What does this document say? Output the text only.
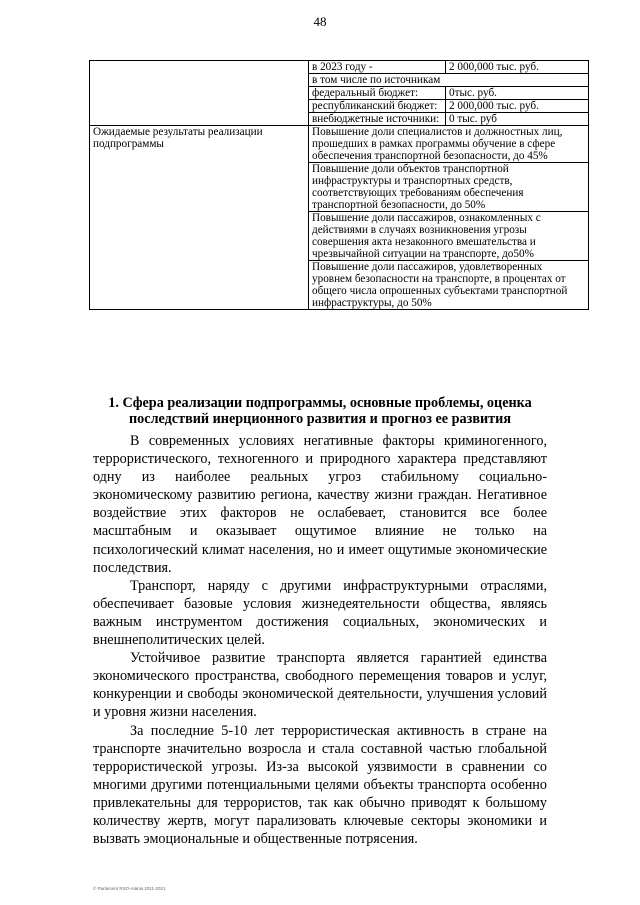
48
	в 2023 году -	2 000,000 тыс. руб.
	в том числе по источникам	
	федеральный бюджет:	0тыс. руб.
	республиканский бюджет:	2 000,000 тыс. руб.
	внебюджетные источники:	0 тыс. руб
Ожидаемые результаты реализации подпрограммы	Повышение доли специалистов и должностных лиц, прошедших в рамках программы обучение в сфере обеспечения транспортной безопасности, до 45%	
	Повышение доли объектов транспортной инфраструктуры и транспортных средств, соответствующих требованиям обеспечения транспортной безопасности, до 50%	
	Повышение доли пассажиров, ознакомленных с действиями в случаях возникновения угрозы совершения акта незаконного вмешательства и чрезвычайной ситуации на транспорте, до50%	
	Повышение доли пассажиров, удовлетворенных уровнем безопасности на транспорте, в процентах от общего числа опрошенных субъектами транспортной инфраструктуры, до 50%	
1. Сфера реализации подпрограммы, основные проблемы, оценка последствий инерционного развития и прогноз ее развития

В современных условиях негативные факторы криминогенного, террористического, техногенного и природного характера представляют одну из наиболее реальных угроз стабильному социально-экономическому развитию региона, качеству жизни граждан. Негативное воздействие этих факторов не ослабевает, становится все более масштабным и оказывает ощутимое влияние не только на психологический климат населения, но и имеет ощутимые экономические последствия.

Транспорт, наряду с другими инфраструктурными отраслями, обеспечивает базовые условия жизнедеятельности общества, являясь важным инструментом достижения социальных, экономических и внешнеполитических целей.

Устойчивое развитие транспорта является гарантией единства экономического пространства, свободного перемещения товаров и услуг, конкуренции и свободы экономической деятельности, улучшения условий и уровня жизни населения.

За последние 5-10 лет террористическая активность в стране на транспорте значительно возросла и стала составной частью глобальной террористической угрозы. Из-за высокой уязвимости в сравнении со многими другими потенциальными целями объекты транспорта особенно привлекательны для террористов, так как обычно приводят к большому количеству жертв, могут парализовать ключевые секторы экономики и вызвать эмоциональные и общественные потрясения.

© Parlament RSO-Alania 2011-2021
